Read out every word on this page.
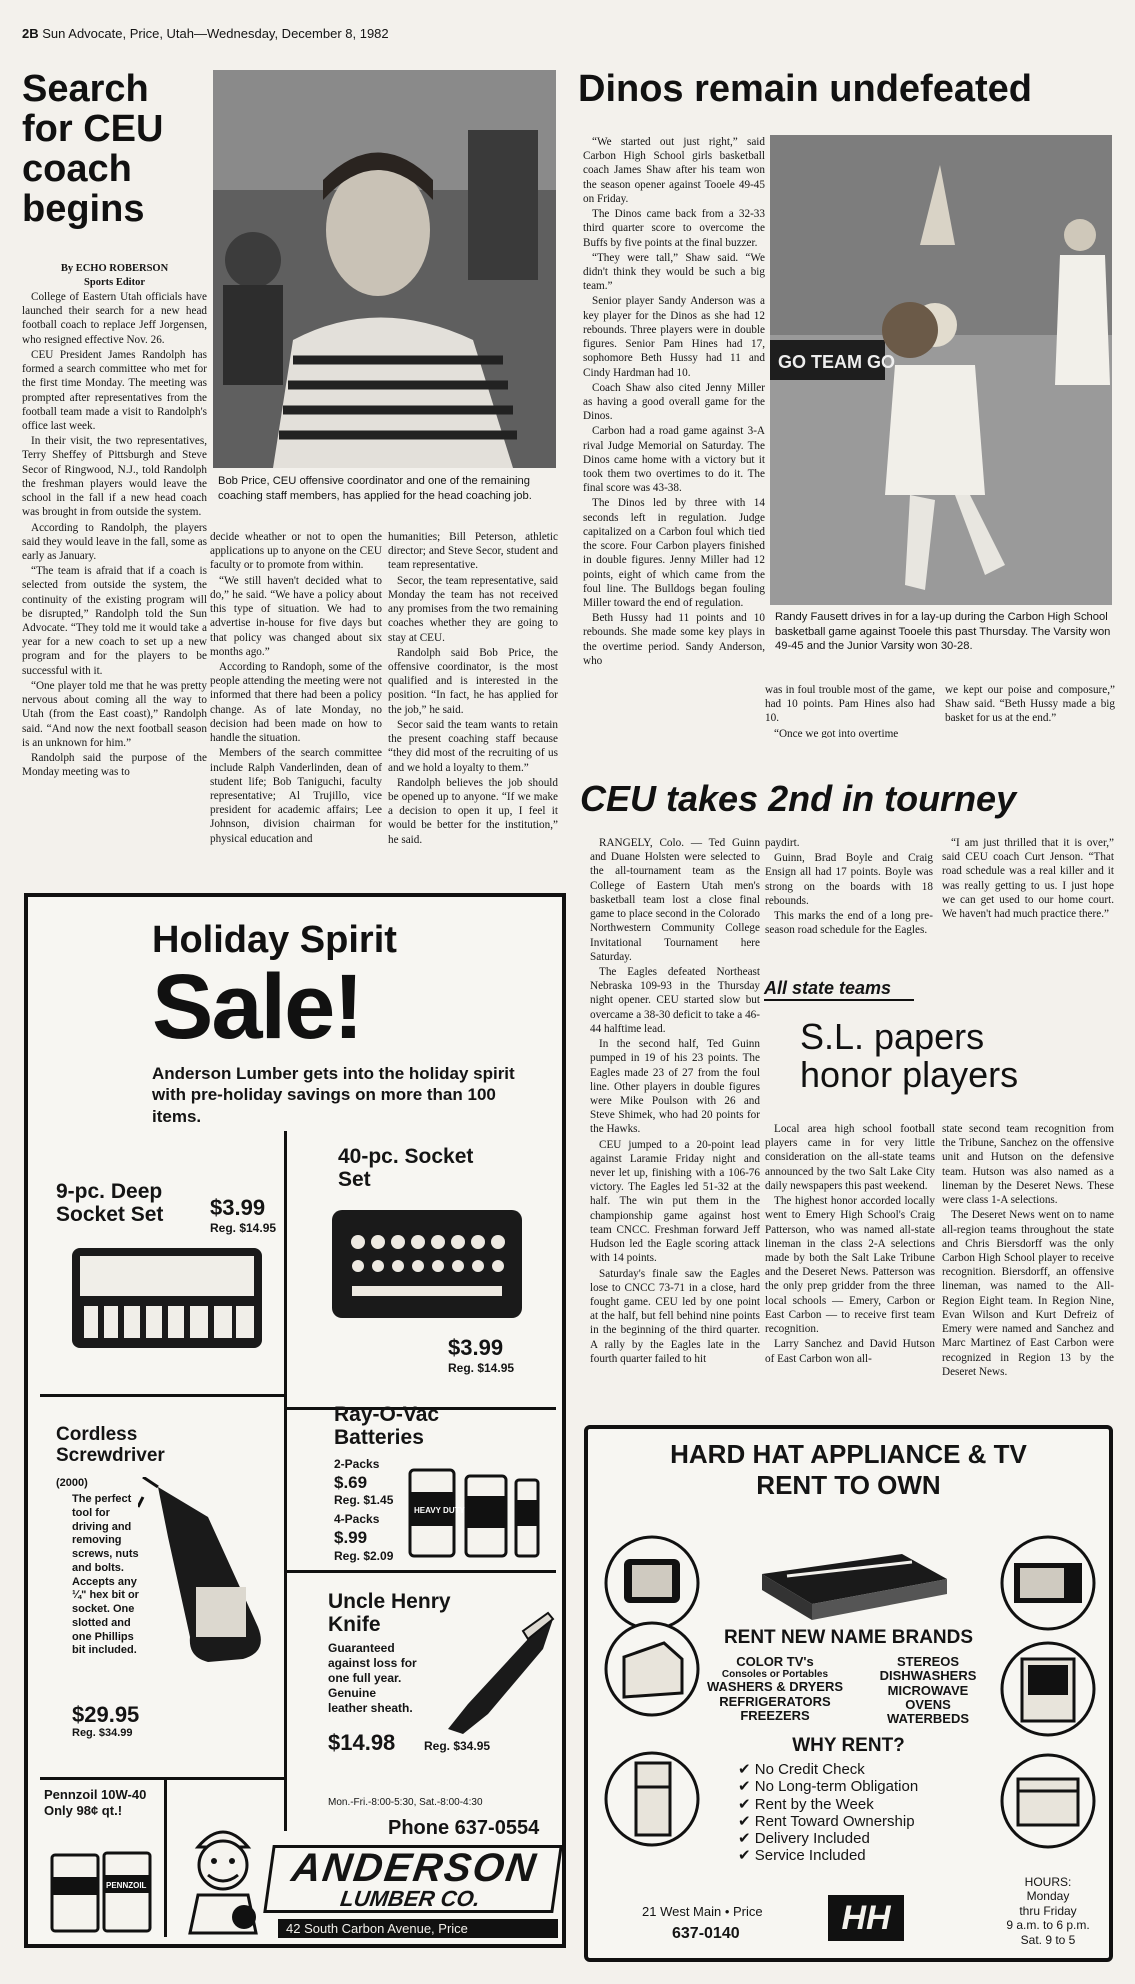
2B Sun Advocate, Price, Utah—Wednesday, December 8, 1982
Search
for CEU
coach
begins
By ECHO ROBERSON
Sports Editor

College of Eastern Utah officials have launched their search for a new head football coach to replace Jeff Jorgensen, who resigned effective Nov. 26.

CEU President James Randolph has formed a search committee who met for the first time Monday. The meeting was prompted after representatives from the football team made a visit to Randolph's office last week.

In their visit, the two representatives, Terry Sheffey of Pittsburgh and Steve Secor of Ringwood, N.J., told Randolph the freshman players would leave the school in the fall if a new head coach was brought in from outside the system.

According to Randolph, the players said they would leave in the fall, some as early as January.

“The team is afraid that if a coach is selected from outside the system, the continuity of the existing program will be disrupted,” Randolph told the Sun Advocate. “They told me it would take a year for a new coach to set up a new program and for the players to be successful with it.

“One player told me that he was pretty nervous about coming all the way to Utah (from the East coast),” Randolph said. “And now the next football season is an unknown for him.”

Randolph said the purpose of the Monday meeting was to

Bob Price, CEU offensive coordinator and one of the remaining coaching staff members, has applied for the head coaching job.

decide wheather or not to open the applications up to anyone on the CEU faculty or to promote from within.

“We still haven't decided what to do,” he said. “We have a policy about this type of situation. We had to advertise in-house for five days but that policy was changed about six months ago.”

According to Randoph, some of the people attending the meeting were not informed that there had been a policy change. As of late Monday, no decision had been made on how to handle the situation.

Members of the search committee include Ralph Vanderlinden, dean of student life; Bob Taniguchi, faculty representative; Al Trujillo, vice president for academic affairs; Lee Johnson, division chairman for physical education and

humanities; Bill Peterson, athletic director; and Steve Secor, student and team representative.

Secor, the team representative, said Monday the team has not received any promises from the two remaining coaches whether they are going to stay at CEU.

Randolph said Bob Price, the offensive coordinator, is the most qualified and is interested in the position. “In fact, he has applied for the job,” he said.

Secor said the team wants to retain the present coaching staff because “they did most of the recruiting of us and we hold a loyalty to them.”

Randolph believes the job should be opened up to anyone. “If we make a decision to open it up, I feel it would be better for the institution,” he said.

Dinos remain undefeated

“We started out just right,” said Carbon High School girls basketball coach James Shaw after his team won the season opener against Tooele 49-45 on Friday.

The Dinos came back from a 32-33 third quarter score to overcome the Buffs by five points at the final buzzer.

“They were tall,” Shaw said. “We didn't think they would be such a big team.”

Senior player Sandy Anderson was a key player for the Dinos as she had 12 rebounds. Three players were in double figures. Senior Pam Hines had 17, sophomore Beth Hussy had 11 and Cindy Hardman had 10.

Coach Shaw also cited Jenny Miller as having a good overall game for the Dinos.

Carbon had a road game against 3-A rival Judge Memorial on Saturday. The Dinos came home with a victory but it took them two overtimes to do it. The final score was 43-38.

The Dinos led by three with 14 seconds left in regulation. Judge capitalized on a Carbon foul which tied the score. Four Carbon players finished in double figures. Jenny Miller had 12 points, eight of which came from the foul line. The Bulldogs began fouling Miller toward the end of regulation.

Beth Hussy had 11 points and 10 rebounds. She made some key plays in the overtime period. Sandy Anderson, who

GO TEAM GO
Randy Fausett drives in for a lay-up during the Carbon High School basketball game against Tooele this past Thursday. The Varsity won 49-45 and the Junior Varsity won 30-28.

was in foul trouble most of the game, had 10 points. Pam Hines also had 10.

“Once we got into overtime

we kept our poise and composure,” Shaw said. “Beth Hussy made a big basket for us at the end.”

CEU takes 2nd in tourney

RANGELY, Colo. — Ted Guinn and Duane Holsten were selected to the all-tournament team as the College of Eastern Utah men's basketball team lost a close final game to place second in the Colorado Northwestern Community College Invitational Tournament here Saturday.

The Eagles defeated Northeast Nebraska 109-93 in the Thursday night opener. CEU started slow but overcame a 38-30 deficit to take a 46-44 halftime lead.

In the second half, Ted Guinn pumped in 19 of his 23 points. The Eagles made 23 of 27 from the foul line. Other players in double figures were Mike Poulson with 26 and Steve Shimek, who had 20 points for the Hawks.

CEU jumped to a 20-point lead against Laramie Friday night and never let up, finishing with a 106-76 victory. The Eagles led 51-32 at the half. The win put them in the championship game against host team CNCC. Freshman forward Jeff Hudson led the Eagle scoring attack with 14 points.

Saturday's finale saw the Eagles lose to CNCC 73-71 in a close, hard fought game. CEU led by one point at the half, but fell behind nine points in the beginning of the third quarter. A rally by the Eagles late in the fourth quarter failed to hit

paydirt.

Guinn, Brad Boyle and Craig Ensign all had 17 points. Boyle was strong on the boards with 18 rebounds.

This marks the end of a long pre-season road schedule for the Eagles.

“I am just thrilled that it is over,” said CEU coach Curt Jenson. “That road schedule was a real killer and it was really getting to us. I just hope we can get used to our home court. We haven't had much practice there.”

All state teams
S.L. papers
honor players

Local area high school football players came in for very little consideration on the all-state teams announced by the two Salt Lake City daily newspapers this past weekend.

The highest honor accorded locally went to Emery High School's Craig Patterson, who was named all-state lineman in the class 2-A selections made by both the Salt Lake Tribune and the Deseret News. Patterson was the only prep gridder from the three local schools — Emery, Carbon or East Carbon — to receive first team recognition.

Larry Sanchez and David Hutson of East Carbon won all-

state second team recognition from the Tribune, Sanchez on the offensive unit and Hutson on the defensive team. Hutson was also named as a lineman by the Deseret News. These were class 1-A selections.

The Deseret News went on to name all-region teams throughout the state and Chris Biersdorff was the only Carbon High School player to receive recognition. Biersdorff, an offensive lineman, was named to the All-Region Eight team. In Region Nine, Evan Wilson and Kurt Defreiz of Emery were named and Sanchez and Marc Martinez of East Carbon were recognized in Region 13 by the Deseret News.

Holiday Spirit
Sale!
Anderson Lumber gets into the holiday spirit with pre-holiday savings on more than 100 items.
9-pc. Deep Socket Set	$3.99
Reg. $14.95
40-pc. Socket Set
$3.99
Reg. $14.95
Ray-O-Vac Batteries
2-Packs
$.69
Reg. $1.45
4-Packs
$.99
Reg. $2.09
HEAVY DUTY
Cordless Screwdriver
(2000)
The perfect tool for driving and removing screws, nuts and bolts. Accepts any ¼" hex bit or socket. One slotted and one Phillips bit included.
$29.95
Reg. $34.99
Uncle Henry Knife
Guaranteed against loss for one full year. Genuine leather sheath.
$14.98 Reg. $34.95
Pennzoil 10W-40
Only 98¢ qt.!
PENNZOIL
Mon.-Fri.-8:00-5:30, Sat.-8:00-4:30
Phone 637-0554
ANDERSON
LUMBER CO.
42 South Carbon Avenue, Price
HARD HAT APPLIANCE & TV
RENT TO OWN
RENT NEW NAME BRANDS
COLOR TV's
Consoles or Portables
WASHERS & DRYERS
REFRIGERATORS
FREEZERS
STEREOS
DISHWASHERS
MICROWAVE
OVENS
WATERBEDS
WHY RENT?
✔ No Credit Check
✔ No Long-term Obligation
✔ Rent by the Week
✔ Rent Toward Ownership
✔ Delivery Included
✔ Service Included
21 West Main • Price
637-0140	HH
HOURS:
Monday
thru Friday
9 a.m. to 6 p.m.
Sat. 9 to 5
